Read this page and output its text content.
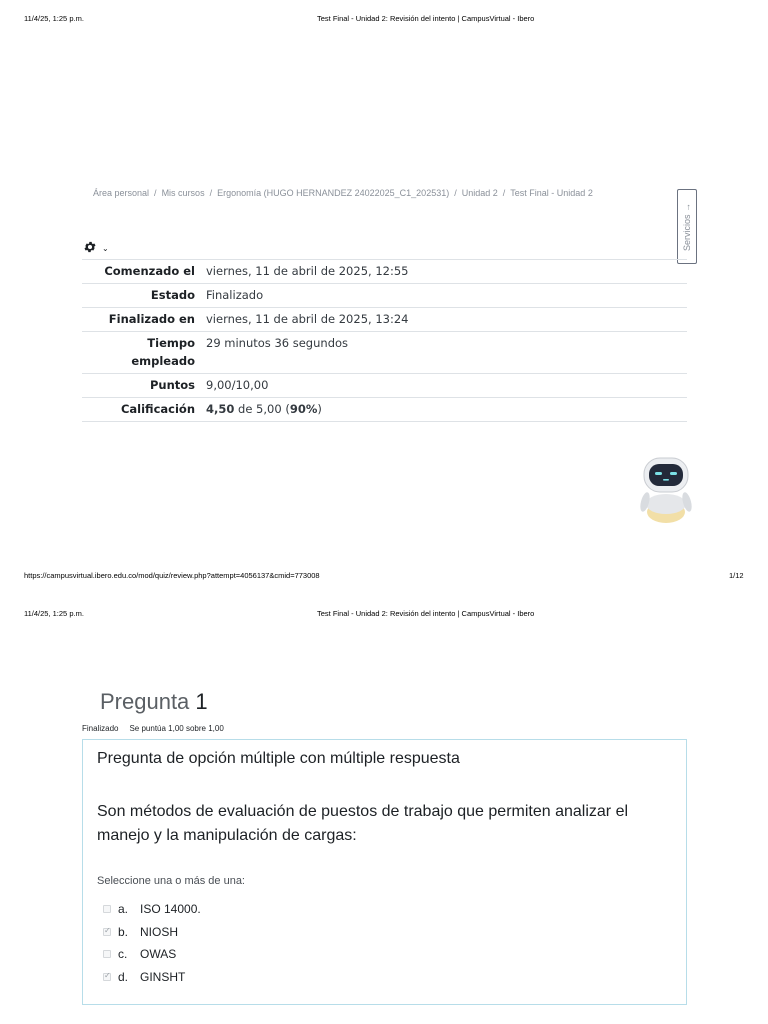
11/4/25, 1:25 p.m.	Test Final - Unidad 2: Revisión del intento | CampusVirtual - Ibero
Área personal / Mis cursos / Ergonomía (HUGO HERNANDEZ 24022025_C1_202531) / Unidad 2 / Test Final - Unidad 2
Servicios →
⌄
Comenzado el	viernes, 11 de abril de 2025, 12:55
Estado	Finalizado
Finalizado en	viernes, 11 de abril de 2025, 13:24
Tiempo empleado	29 minutos 36 segundos
Puntos	9,00/10,00
Calificación	4,50 de 5,00 (90%)
https://campusvirtual.ibero.edu.co/mod/quiz/review.php?attempt=4056137&cmid=773008	1/12
11/4/25, 1:25 p.m.	Test Final - Unidad 2: Revisión del intento | CampusVirtual - Ibero
Pregunta 1
Finalizado Se puntúa 1,00 sobre 1,00
Pregunta de opción múltiple con múltiple respuesta
Son métodos de evaluación de puestos de trabajo que permiten analizar el manejo y la manipulación de cargas:
Seleccione una o más de una:
a. ISO 14000.
✓
b. NIOSH
c.	OWAS
✓
d. GINSHT
